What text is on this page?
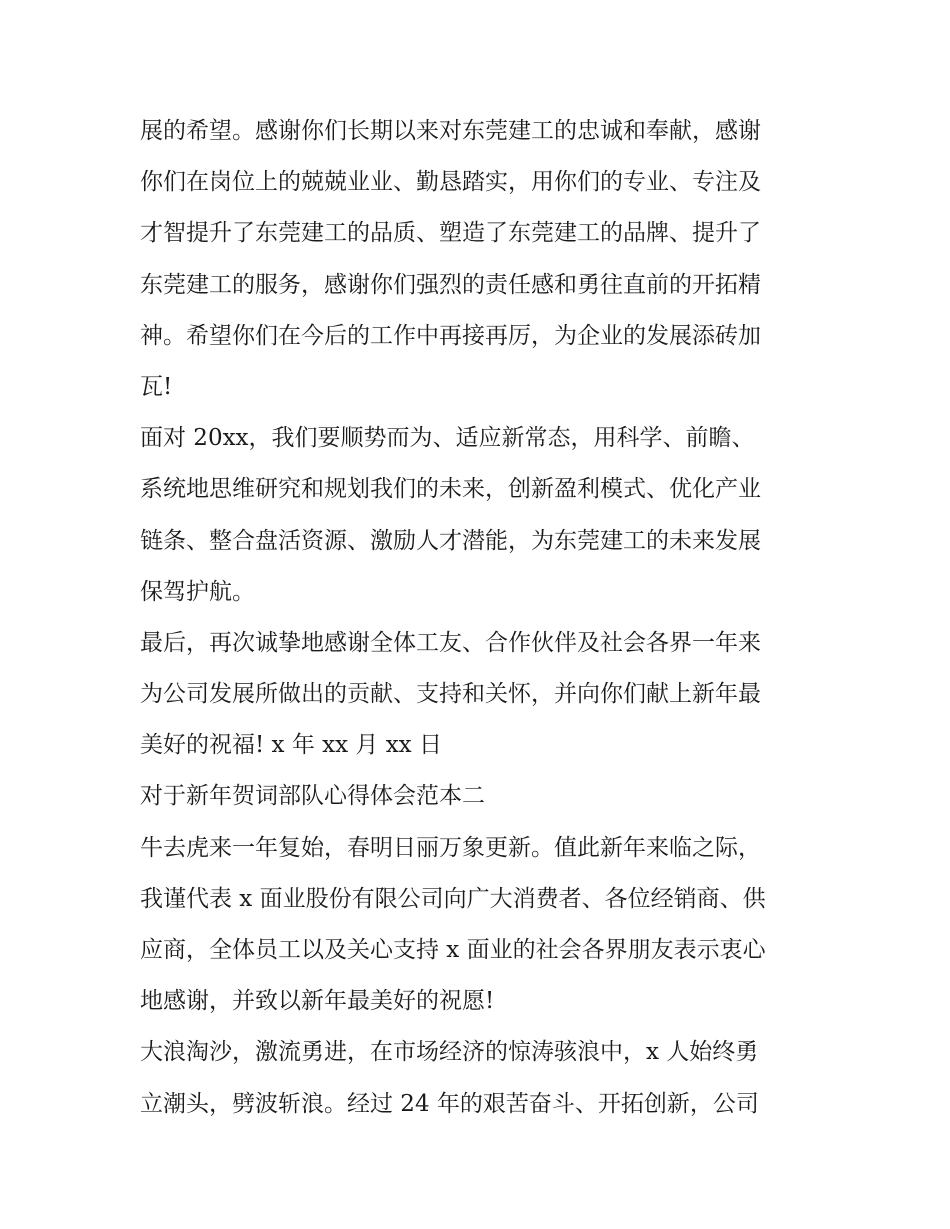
展的希望。感谢你们长期以来对东莞建工的忠诚和奉献，感谢
你们在岗位上的兢兢业业、勤恳踏实，用你们的专业、专注及
才智提升了东莞建工的品质、塑造了东莞建工的品牌、提升了
东莞建工的服务，感谢你们强烈的责任感和勇往直前的开拓精
神。希望你们在今后的工作中再接再厉，为企业的发展添砖加
瓦!
面对 20xx，我们要顺势而为、适应新常态，用科学、前瞻、
系统地思维研究和规划我们的未来，创新盈利模式、优化产业
链条、整合盘活资源、激励人才潜能，为东莞建工的未来发展
保驾护航。
最后，再次诚挚地感谢全体工友、合作伙伴及社会各界一年来
为公司发展所做出的贡献、支持和关怀，并向你们献上新年最
美好的祝福! x 年 xx 月 xx 日
对于新年贺词部队心得体会范本二
牛去虎来一年复始，春明日丽万象更新。值此新年来临之际，
我谨代表 x 面业股份有限公司向广大消费者、各位经销商、供
应商，全体员工以及关心支持 x 面业的社会各界朋友表示衷心
地感谢，并致以新年最美好的祝愿!
大浪淘沙，激流勇进，在市场经济的惊涛骇浪中，x 人始终勇
立潮头，劈波斩浪。经过 24 年的艰苦奋斗、开拓创新，公司
